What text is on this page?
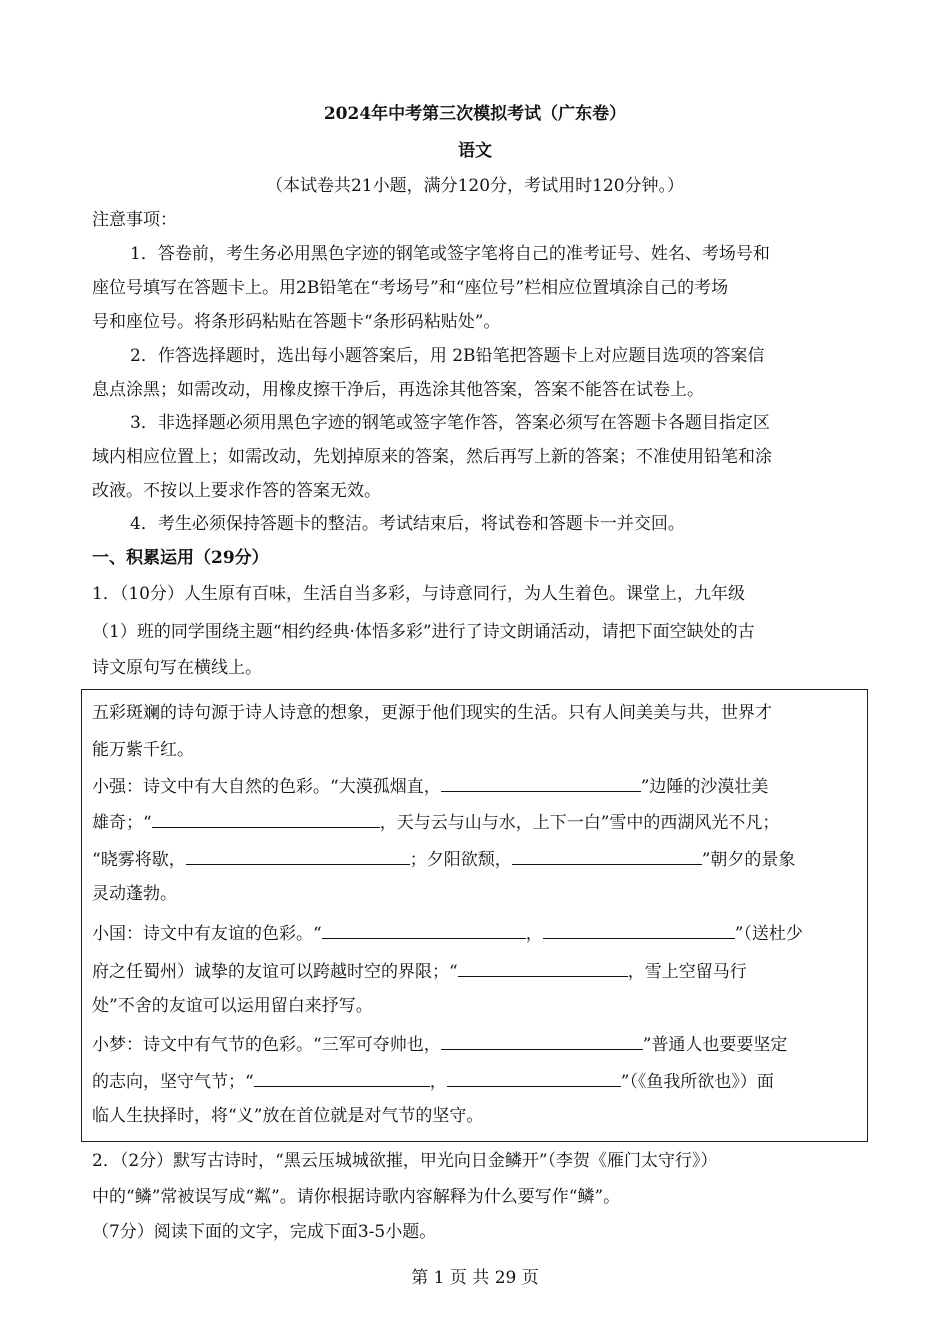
2024年中考第三次模拟考试（广东卷）
语文
（本试卷共21小题，满分120分，考试用时120分钟。）
注意事项：
1．答卷前，考生务必用黑色字迹的钢笔或签字笔将自己的准考证号、姓名、考场号和
座位号填写在答题卡上。用2B铅笔在“考场号”和“座位号”栏相应位置填涂自己的考场
号和座位号。将条形码粘贴在答题卡“条形码粘贴处”。
2．作答选择题时，选出每小题答案后，用 2B铅笔把答题卡上对应题目选项的答案信
息点涂黑；如需改动，用橡皮擦干净后，再选涂其他答案，答案不能答在试卷上。
3．非选择题必须用黑色字迹的钢笔或签字笔作答，答案必须写在答题卡各题目指定区
域内相应位置上；如需改动，先划掉原来的答案，然后再写上新的答案；不准使用铅笔和涂
改液。不按以上要求作答的答案无效。
4．考生必须保持答题卡的整洁。考试结束后，将试卷和答题卡一并交回。
一、积累运用（29分）
1．（10分）人生原有百味，生活自当多彩，与诗意同行，为人生着色。课堂上，九年级
（1）班的同学围绕主题“相约经典·体悟多彩”进行了诗文朗诵活动，请把下面空缺处的古
诗文原句写在横线上。
五彩斑斓的诗句源于诗人诗意的想象，更源于他们现实的生活。只有人间美美与共，世界才
能万紫千红。
小强：诗文中有大自然的色彩。“大漠孤烟直，	”边陲的沙漠壮美
雄奇；“	，天与云与山与水，上下一白”雪中的西湖风光不凡；
“晓雾将歇，	；夕阳欲颓，	”朝夕的景象
灵动蓬勃。
小国：诗文中有友谊的色彩。“	，	”（送杜少
府之任蜀州）诚挚的友谊可以跨越时空的界限；“	，雪上空留马行
处”不舍的友谊可以运用留白来抒写。
小梦：诗文中有气节的色彩。“三军可夺帅也，	”普通人也要要坚定
的志向，坚守气节；“	，	”（《鱼我所欲也》）面
临人生抉择时，将“义”放在首位就是对气节的坚守。
2．（2分）默写古诗时，“黑云压城城欲摧，甲光向日金鳞开”（李贺《雁门太守行》）
中的“鳞”常被误写成“粼”。请你根据诗歌内容解释为什么要写作“鳞”。
（7分）阅读下面的文字，完成下面3-5小题。
第 1 页 共 29 页
